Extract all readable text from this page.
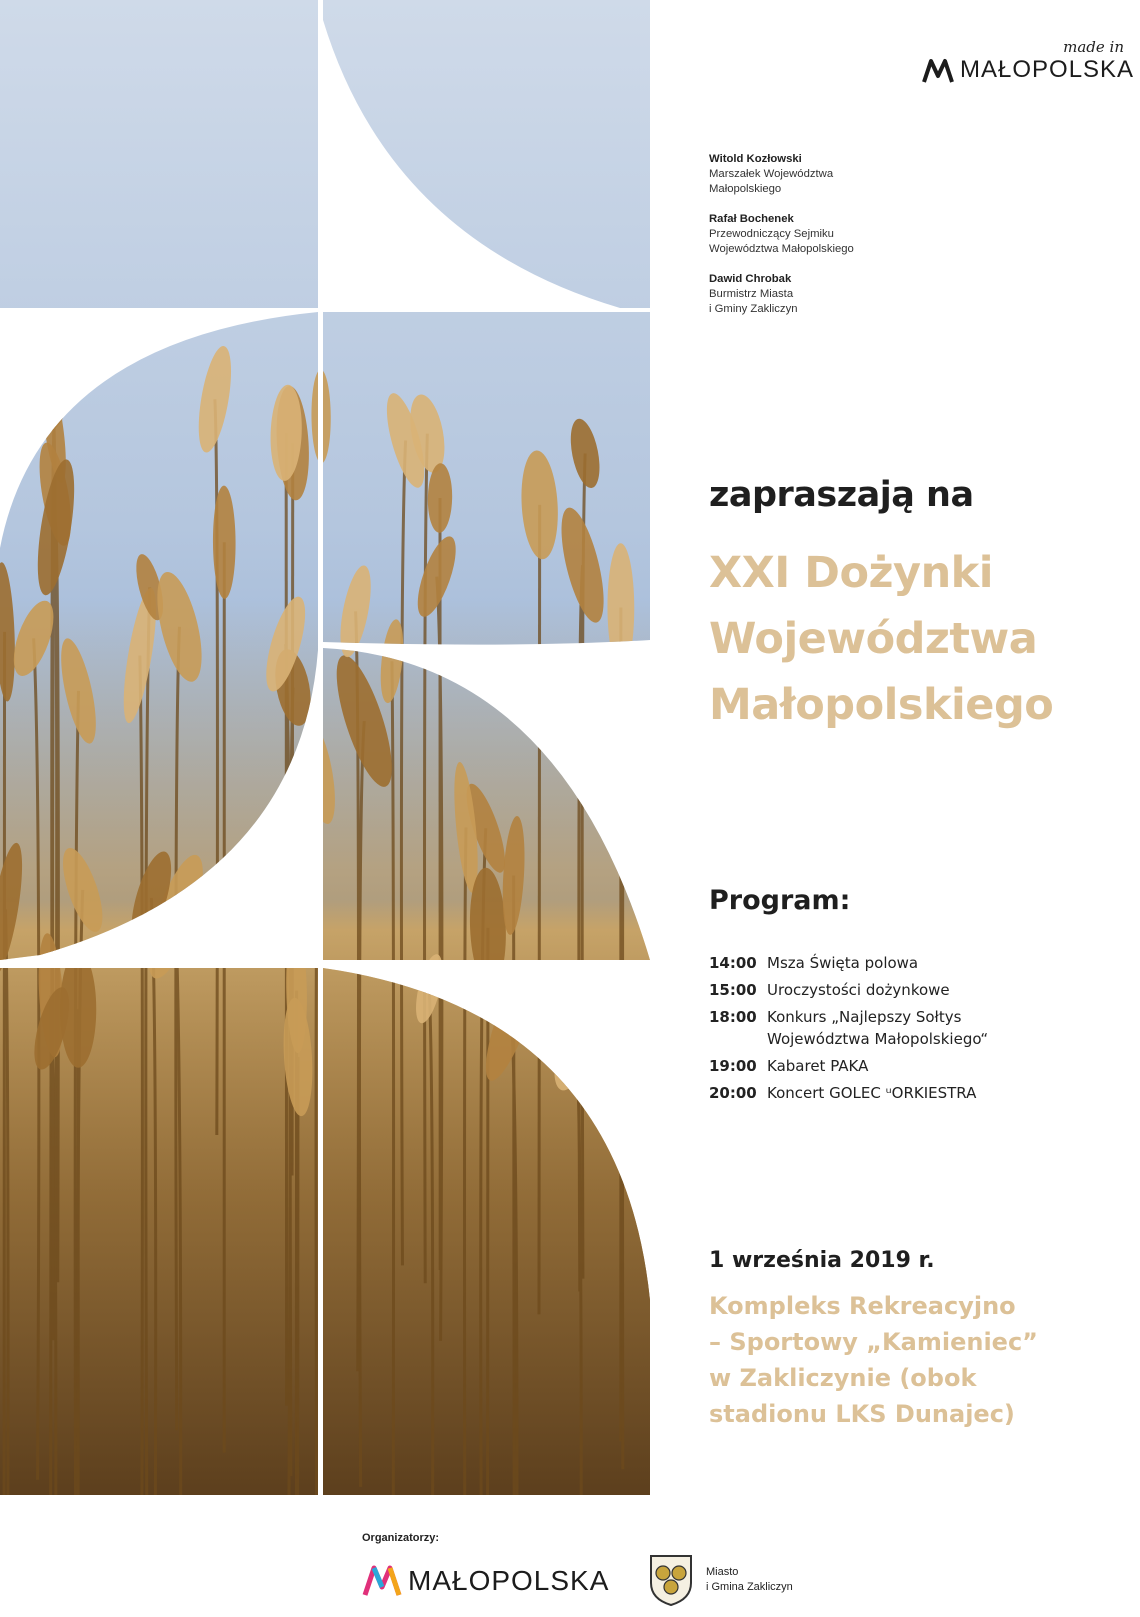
made in
MAŁOPOLSKA
Witold Kozłowski
Marszałek Województwa
Małopolskiego
Rafał Bochenek
Przewodniczący Sejmiku
Województwa Małopolskiego
Dawid Chrobak
Burmistrz Miasta
i Gminy Zakliczyn
zapraszają na
XXI Dożynki
Województwa
Małopolskiego
Program:
14:00 Msza Święta polowa
15:00 Uroczystości dożynkowe
18:00 Konkurs „Najlepszy Sołtys
Województwa Małopolskiego“
19:00 Kabaret PAKA
20:00 Koncert GOLEC ᵘORKIESTRA
1 września 2019 r.
Kompleks Rekreacyjno
– Sportowy „Kamieniec”
w Zakliczynie (obok
stadionu LKS Dunajec)
Organizatorzy:
MAŁOPOLSKA	Miasto
i Gmina Zakliczyn
